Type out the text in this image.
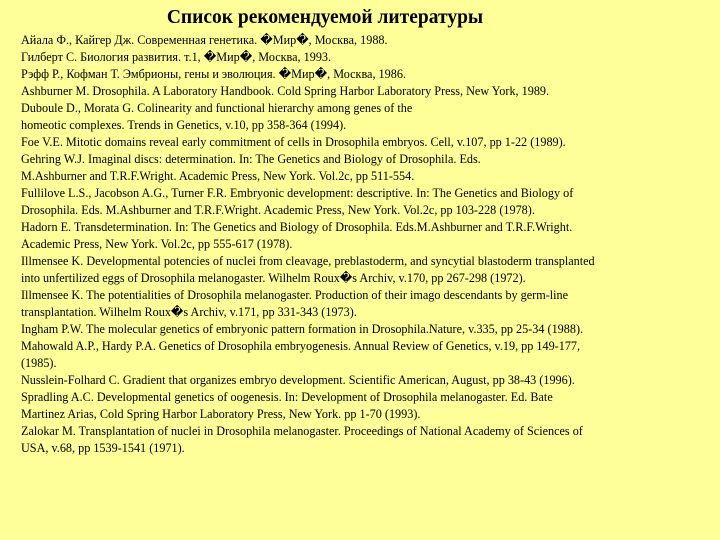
Список рекомендуемой литературы
Айала Ф., Кайгер Дж. Современная генетика. �Мир�, Москва, 1988.
Гилберт С. Биология развития. т.1, �Мир�, Москва, 1993.
Рэфф Р., Кофман Т. Эмбрионы, гены и эволюция. �Мир�, Москва, 1986.
Ashburner M. Drosophila. A Laboratory Handbook. Cold Spring Harbor Laboratory Press, New York, 1989.
Duboule D., Morata G. Colinearity and functional hierarchy among genes of the
homeotic complexes. Trends in Genetics, v.10, pp 358-364 (1994).
Foe V.E. Mitotic domains reveal early commitment of cells in Drosophila embryos. Cell, v.107, pp 1-22 (1989).
Gehring W.J. Imaginal discs: determination. In: The Genetics and Biology of Drosophila. Eds.
M.Ashburner and T.R.F.Wright. Academic Press, New York. Vol.2c, pp 511-554.
Fullilove L.S., Jacobson A.G., Turner F.R. Embryonic development: descriptive. In: The Genetics and Biology of
Drosophila. Eds. M.Ashburner and T.R.F.Wright. Academic Press, New York. Vol.2c, pp 103-228 (1978).
Hadorn E. Transdetermination. In: The Genetics and Biology of Drosophila. Eds.M.Ashburner and T.R.F.Wright.
Academic Press, New York. Vol.2c, pp 555-617 (1978).
Illmensee K. Developmental potencies of nuclei from cleavage, preblastoderm, and syncytial blastoderm transplanted
into unfertilized eggs of Drosophila melanogaster. Wilhelm Roux�s Archiv, v.170, pp 267-298 (1972).
Illmensee K. The potentialities of Drosophila melanogaster. Production of their imago descendants by germ-line
transplantation. Wilhelm Roux�s Archiv, v.171, pp 331-343 (1973).
Ingham P.W. The molecular genetics of embryonic pattern formation in Drosophila.Nature, v.335, pp 25-34 (1988).
Mahowald A.P., Hardy P.A. Genetics of Drosophila embryogenesis. Annual Review of Genetics, v.19, pp 149-177,
(1985).
Nusslein-Folhard C. Gradient that organizes embryo development. Scientific American, August, pp 38-43 (1996).
Spradling A.C. Developmental genetics of oogenesis. In: Development of Drosophila melanogaster. Ed. Bate
Martinez Arias, Cold Spring Harbor Laboratory Press, New York. pp 1-70 (1993).
Zalokar M. Transplantation of nuclei in Drosophila melanogaster. Proceedings of National Academy of Sciences of
USA, v.68, pp 1539-1541 (1971).
